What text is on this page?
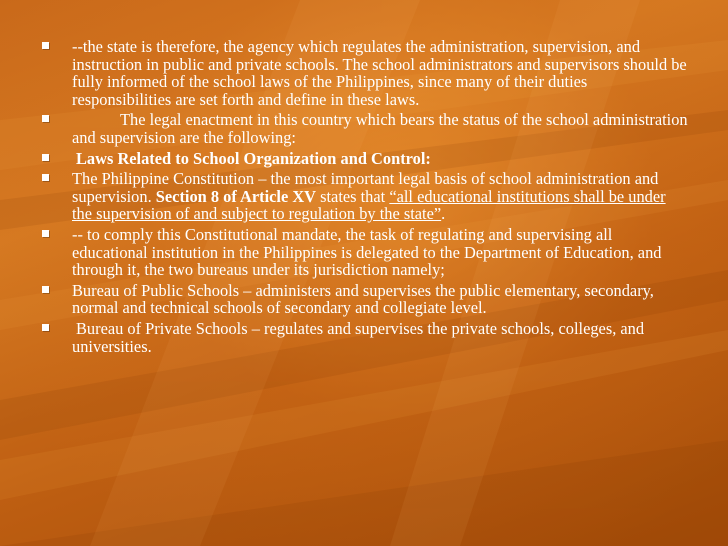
--the state is therefore, the agency which regulates the administration, supervision, and instruction in public and private schools. The school administrators and supervisors should be fully informed of the school laws of the Philippines, since many of their duties responsibilities are set forth and define in these laws.
The legal enactment in this country which bears the status of the school administration and supervision are the following:
Laws Related to School Organization and Control:
The Philippine Constitution – the most important legal basis of school administration and supervision. Section 8 of Article XV states that “all educational institutions shall be under the supervision of and subject to regulation by the state”.
-- to comply this Constitutional mandate, the task of regulating and supervising all educational institution in the Philippines is delegated to the Department of Education, and through it, the two bureaus under its jurisdiction namely;
Bureau of Public Schools – administers and supervises the public elementary, secondary, normal and technical schools of secondary and collegiate level.
Bureau of Private Schools – regulates and supervises the private schools, colleges, and universities.
